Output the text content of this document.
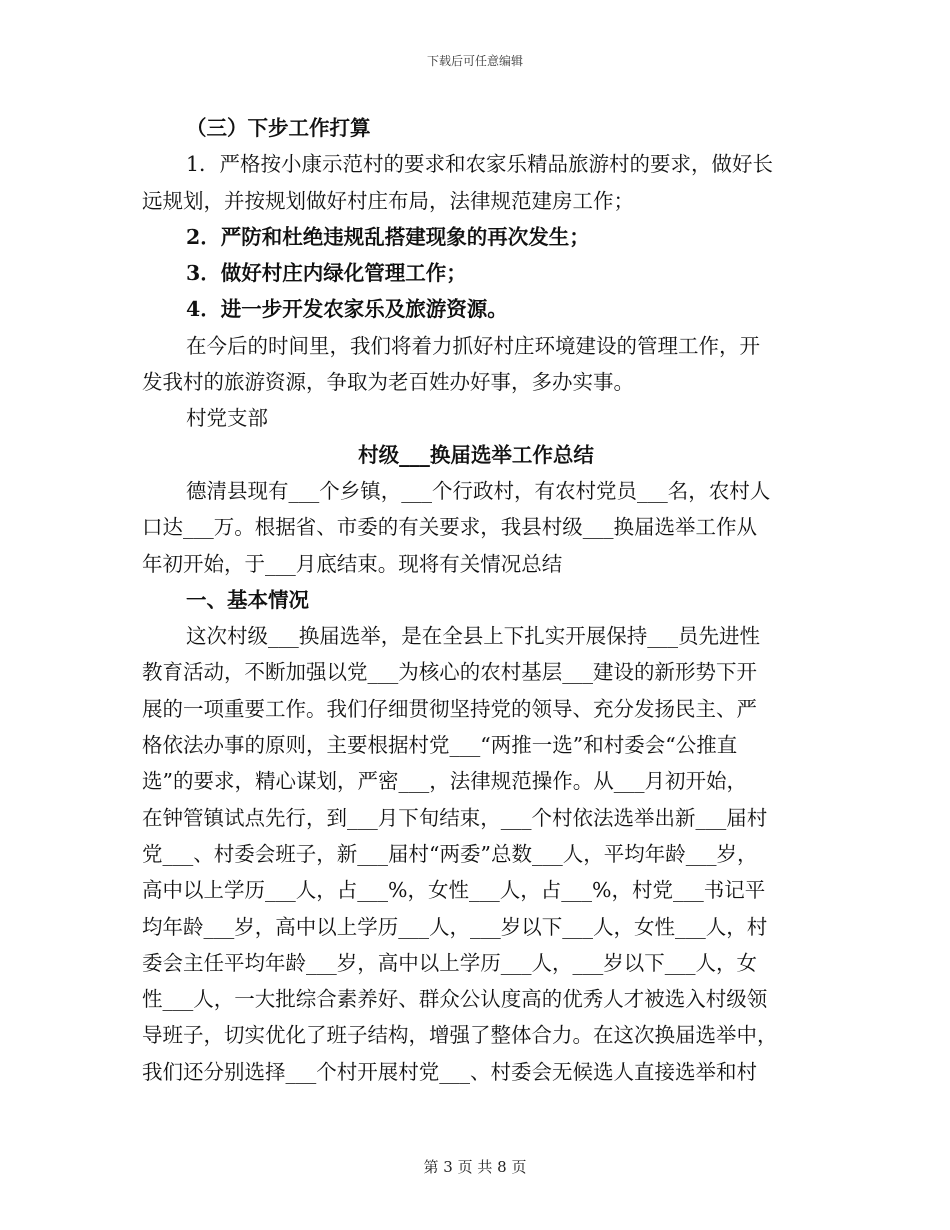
下载后可任意编辑
（三）下步工作打算
1．严格按小康示范村的要求和农家乐精品旅游村的要求，做好长
远规划，并按规划做好村庄布局，法律规范建房工作；
2．严防和杜绝违规乱搭建现象的再次发生；
3．做好村庄内绿化管理工作；
4．进一步开发农家乐及旅游资源。
在今后的时间里，我们将着力抓好村庄环境建设的管理工作，开
发我村的旅游资源，争取为老百姓办好事，多办实事。
村党支部
村级___换届选举工作总结
德清县现有___个乡镇，___个行政村，有农村党员___名，农村人
口达___万。根据省、市委的有关要求，我县村级___换届选举工作从
年初开始，于___月底结束。现将有关情况总结
一、基本情况
这次村级___换届选举，是在全县上下扎实开展保持___员先进性
教育活动，不断加强以党___为核心的农村基层___建设的新形势下开
展的一项重要工作。我们仔细贯彻坚持党的领导、充分发扬民主、严
格依法办事的原则，主要根据村党___“两推一选”和村委会“公推直
选”的要求，精心谋划，严密___，法律规范操作。从___月初开始，
在钟管镇试点先行，到___月下旬结束，___个村依法选举出新___届村
党___、村委会班子，新___届村“两委”总数___人，平均年龄___岁，
高中以上学历___人，占___%，女性___人，占___%，村党___书记平
均年龄___岁，高中以上学历___人，___岁以下___人，女性___人，村
委会主任平均年龄___岁，高中以上学历___人，___岁以下___人，女
性___人，一大批综合素养好、群众公认度高的优秀人才被选入村级领
导班子，切实优化了班子结构，增强了整体合力。在这次换届选举中，
我们还分别选择___个村开展村党___、村委会无候选人直接选举和村
第 3 页 共 8 页
